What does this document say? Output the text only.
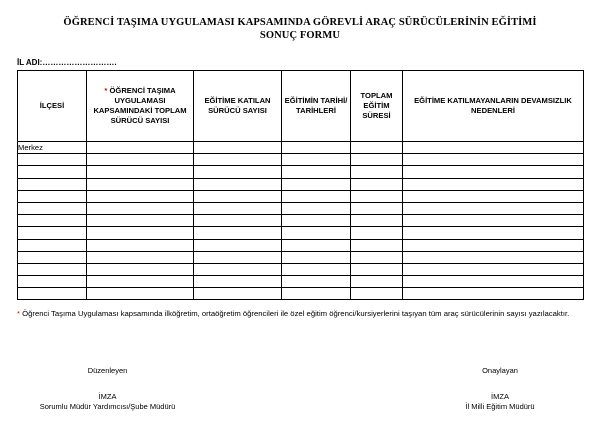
ÖĞRENCİ TAŞIMA UYGULAMASI KAPSAMINDA GÖREVLİ ARAÇ SÜRÜCÜLERİNİN EĞİTİMİ
SONUÇ FORMU
İL ADI:……………………….
İLÇESİ	* ÖĞRENCİ TAŞIMA UYGULAMASI KAPSAMINDAKİ TOPLAM SÜRÜCÜ SAYISI	EĞİTİME KATILAN SÜRÜCÜ SAYISI	EĞİTİMİN TARİHİ/ TARİHLERİ	TOPLAM EĞİTİM SÜRESİ	EĞİTİME KATILMAYANLARIN DEVAMSIZLIK NEDENLERİ
Merkez					

* Öğrenci Taşıma Uygulaması kapsamında ilköğretim, ortaöğretim öğrencileri ile özel eğitim öğrenci/kursiyerlerini taşıyan tüm araç sürücülerinin sayısı yazılacaktır.
Düzenleyen
İMZA
Sorumlu Müdür Yardımcısı/Şube Müdürü
Onaylayan
İMZA
İl Milli Eğitim Müdürü
